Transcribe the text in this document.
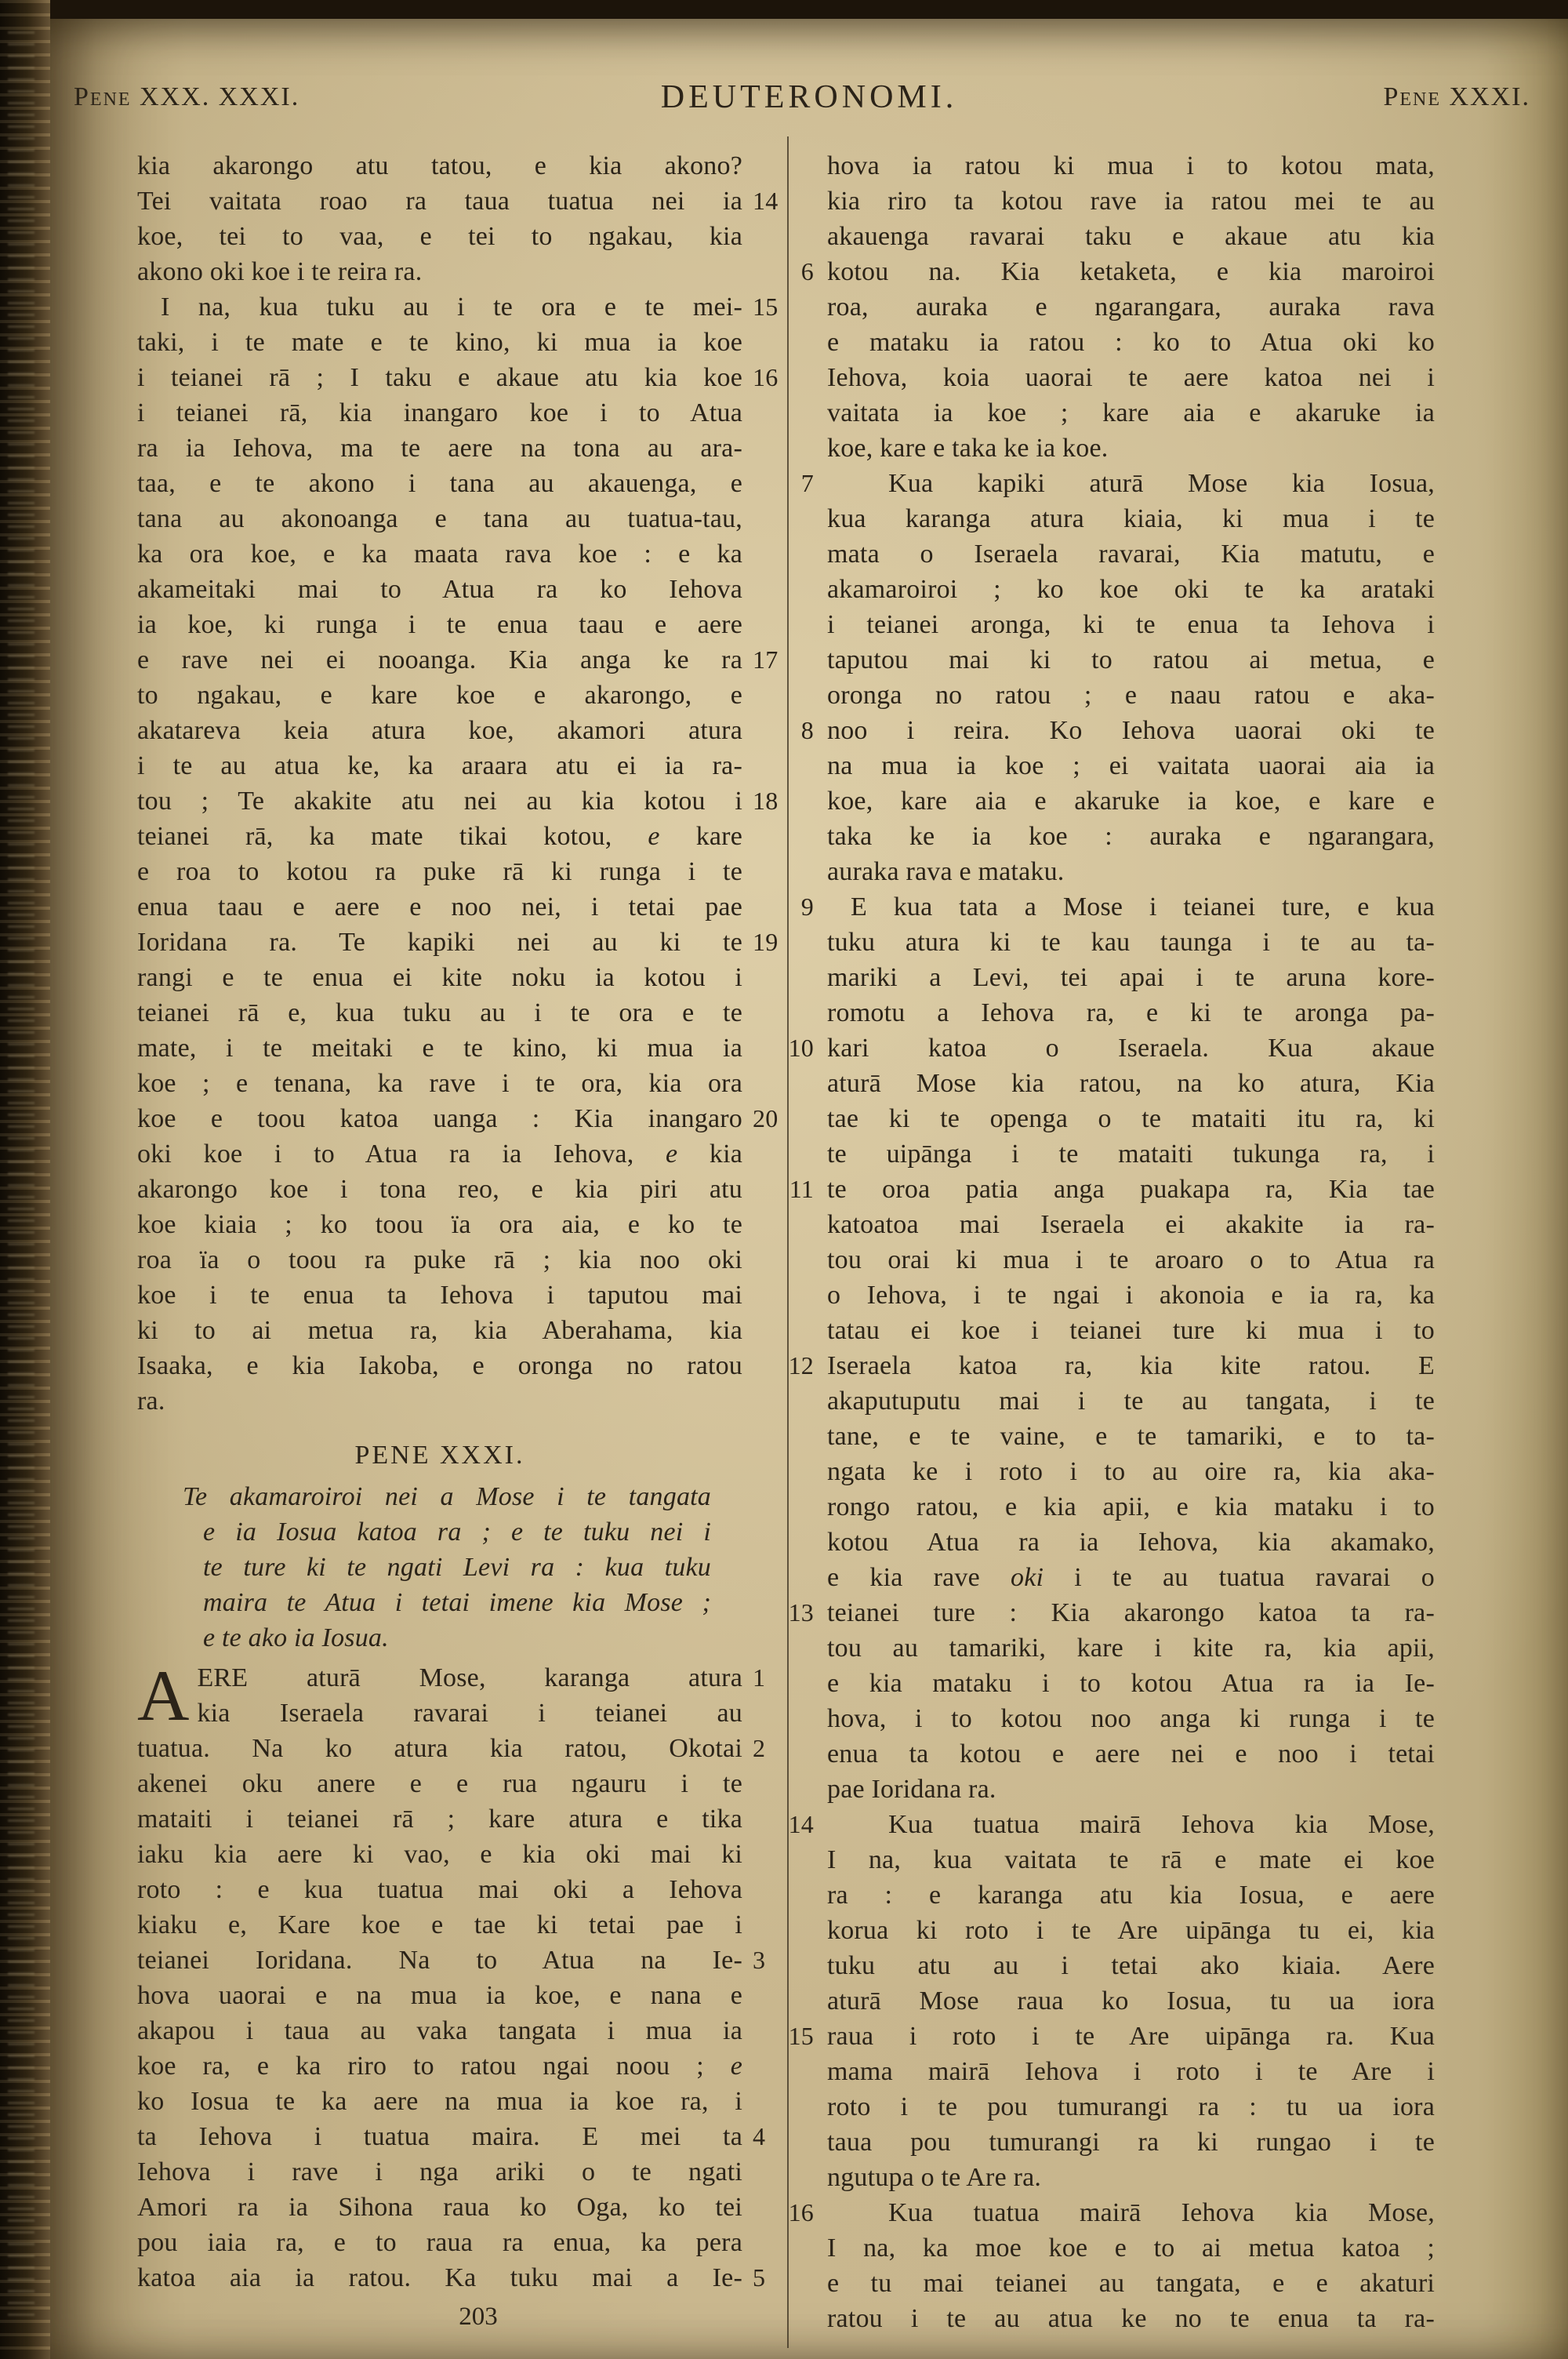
Pene XXX. XXXI.	DEUTERONOMI.	Pene XXXI.
kia akarongo atu tatou, e kia akono?
Tei vaitata roao ra taua tuatua nei ia 14
koe, tei to vaa, e tei to ngakau, kia
akono oki koe i te reira ra.
I na, kua tuku au i te ora e te mei- 15
taki, i te mate e te kino, ki mua ia koe
i teianei rā ; I taku e akaue atu kia koe 16
i teianei rā, kia inangaro koe i to Atua
ra ia Iehova, ma te aere na tona au ara-
taa, e te akono i tana au akauenga, e
tana au akonoanga e tana au tuatua-tau,
ka ora koe, e ka maata rava koe : e ka
akameitaki mai to Atua ra ko Iehova
ia koe, ki runga i te enua taau e aere
e rave nei ei nooanga. Kia anga ke ra 17
to ngakau, e kare koe e akarongo, e
akatareva keia atura koe, akamori atura
i te au atua ke, ka araara atu ei ia ra-
tou ; Te akakite atu nei au kia kotou i 18
teianei rā, ka mate tikai kotou, e kare
e roa to kotou ra puke rā ki runga i te
enua taau e aere e noo nei, i tetai pae
Ioridana ra. Te kapiki nei au ki te 19
rangi e te enua ei kite noku ia kotou i
teianei rā e, kua tuku au i te ora e te
mate, i te meitaki e te kino, ki mua ia
koe ; e tenana, ka rave i te ora, kia ora
koe e toou katoa uanga : Kia inangaro 20
oki koe i to Atua ra ia Iehova, e kia
akarongo koe i tona reo, e kia piri atu
koe kiaia ; ko toou ïa ora aia, e ko te
roa ïa o toou ra puke rā ; kia noo oki
koe i te enua ta Iehova i taputou mai
ki to ai metua ra, kia Aberahama, kia
Isaaka, e kia Iakoba, e oronga no ratou
ra.
PENE XXXI.
Te akamaroiroi nei a Mose i te tangata
e ia Iosua katoa ra ; e te tuku nei i
te ture ki te ngati Levi ra : kua tuku
maira te Atua i tetai imene kia Mose ;
e te ako ia Iosua.
A ERE aturā Mose, karanga atura 1
kia Iseraela ravarai i teianei au
tuatua. Na ko atura kia ratou, Okotai 2
akenei oku anere e e rua ngauru i te
mataiti i teianei rā ; kare atura e tika
iaku kia aere ki vao, e kia oki mai ki
roto : e kua tuatua mai oki a Iehova
kiaku e, Kare koe e tae ki tetai pae i
teianei Ioridana. Na to Atua na Ie- 3
hova uaorai e na mua ia koe, e nana e
akapou i taua au vaka tangata i mua ia
koe ra, e ka riro to ratou ngai noou ; e
ko Iosua te ka aere na mua ia koe ra, i
ta Iehova i tuatua maira. E mei ta 4
Iehova i rave i nga ariki o te ngati
Amori ra ia Sihona raua ko Oga, ko tei
pou iaia ra, e to raua ra enua, ka pera
katoa aia ia ratou. Ka tuku mai a Ie- 5
hova ia ratou ki mua i to kotou mata,
kia riro ta kotou rave ia ratou mei te au
akauenga ravarai taku e akaue atu kia
kotou na. Kia ketaketa, e kia maroiroi
6
roa, auraka e ngarangara, auraka rava
e mataku ia ratou : ko to Atua oki ko
Iehova, koia uaorai te aere katoa nei i
vaitata ia koe ; kare aia e akaruke ia
koe, kare e taka ke ia koe.
Kua kapiki aturā Mose kia Iosua,
7
kua karanga atura kiaia, ki mua i te
mata o Iseraela ravarai, Kia matutu, e
akamaroiroi ; ko koe oki te ka arataki
i teianei aronga, ki te enua ta Iehova i
taputou mai ki to ratou ai metua, e
oronga no ratou ; e naau ratou e aka-
noo i reira. Ko Iehova uaorai oki te
8
na mua ia koe ; ei vaitata uaorai aia ia
koe, kare aia e akaruke ia koe, e kare e
taka ke ia koe : auraka e ngarangara,
auraka rava e mataku.
E kua tata a Mose i teianei ture, e kua
9
tuku atura ki te kau taunga i te au ta-
mariki a Levi, tei apai i te aruna kore-
romotu a Iehova ra, e ki te aronga pa-
kari katoa o Iseraela. Kua akaue
10
aturā Mose kia ratou, na ko atura, Kia
tae ki te openga o te mataiti itu ra, ki
te uipānga i te mataiti tukunga ra, i
te oroa patia anga puakapa ra, Kia tae
11
katoatoa mai Iseraela ei akakite ia ra-
tou orai ki mua i te aroaro o to Atua ra
o Iehova, i te ngai i akonoia e ia ra, ka
tatau ei koe i teianei ture ki mua i to
Iseraela katoa ra, kia kite ratou. E
12
akaputuputu mai i te au tangata, i te
tane, e te vaine, e te tamariki, e to ta-
ngata ke i roto i to au oire ra, kia aka-
rongo ratou, e kia apii, e kia mataku i to
kotou Atua ra ia Iehova, kia akamako,
e kia rave oki i te au tuatua ravarai o
teianei ture : Kia akarongo katoa ta ra-
13
tou au tamariki, kare i kite ra, kia apii,
e kia mataku i to kotou Atua ra ia Ie-
hova, i to kotou noo anga ki runga i te
enua ta kotou e aere nei e noo i tetai
pae Ioridana ra.
Kua tuatua mairā Iehova kia Mose,
14
I na, kua vaitata te rā e mate ei koe
ra : e karanga atu kia Iosua, e aere
korua ki roto i te Are uipānga tu ei, kia
tuku atu au i tetai ako kiaia. Aere
aturā Mose raua ko Iosua, tu ua iora
raua i roto i te Are uipānga ra. Kua
15
mama mairā Iehova i roto i te Are i
roto i te pou tumurangi ra : tu ua iora
taua pou tumurangi ra ki rungao i te
ngutupa o te Are ra.
Kua tuatua mairā Iehova kia Mose,
16
I na, ka moe koe e to ai metua katoa ;
e tu mai teianei au tangata, e e akaturi
ratou i te au atua ke no te enua ta ra-
203
